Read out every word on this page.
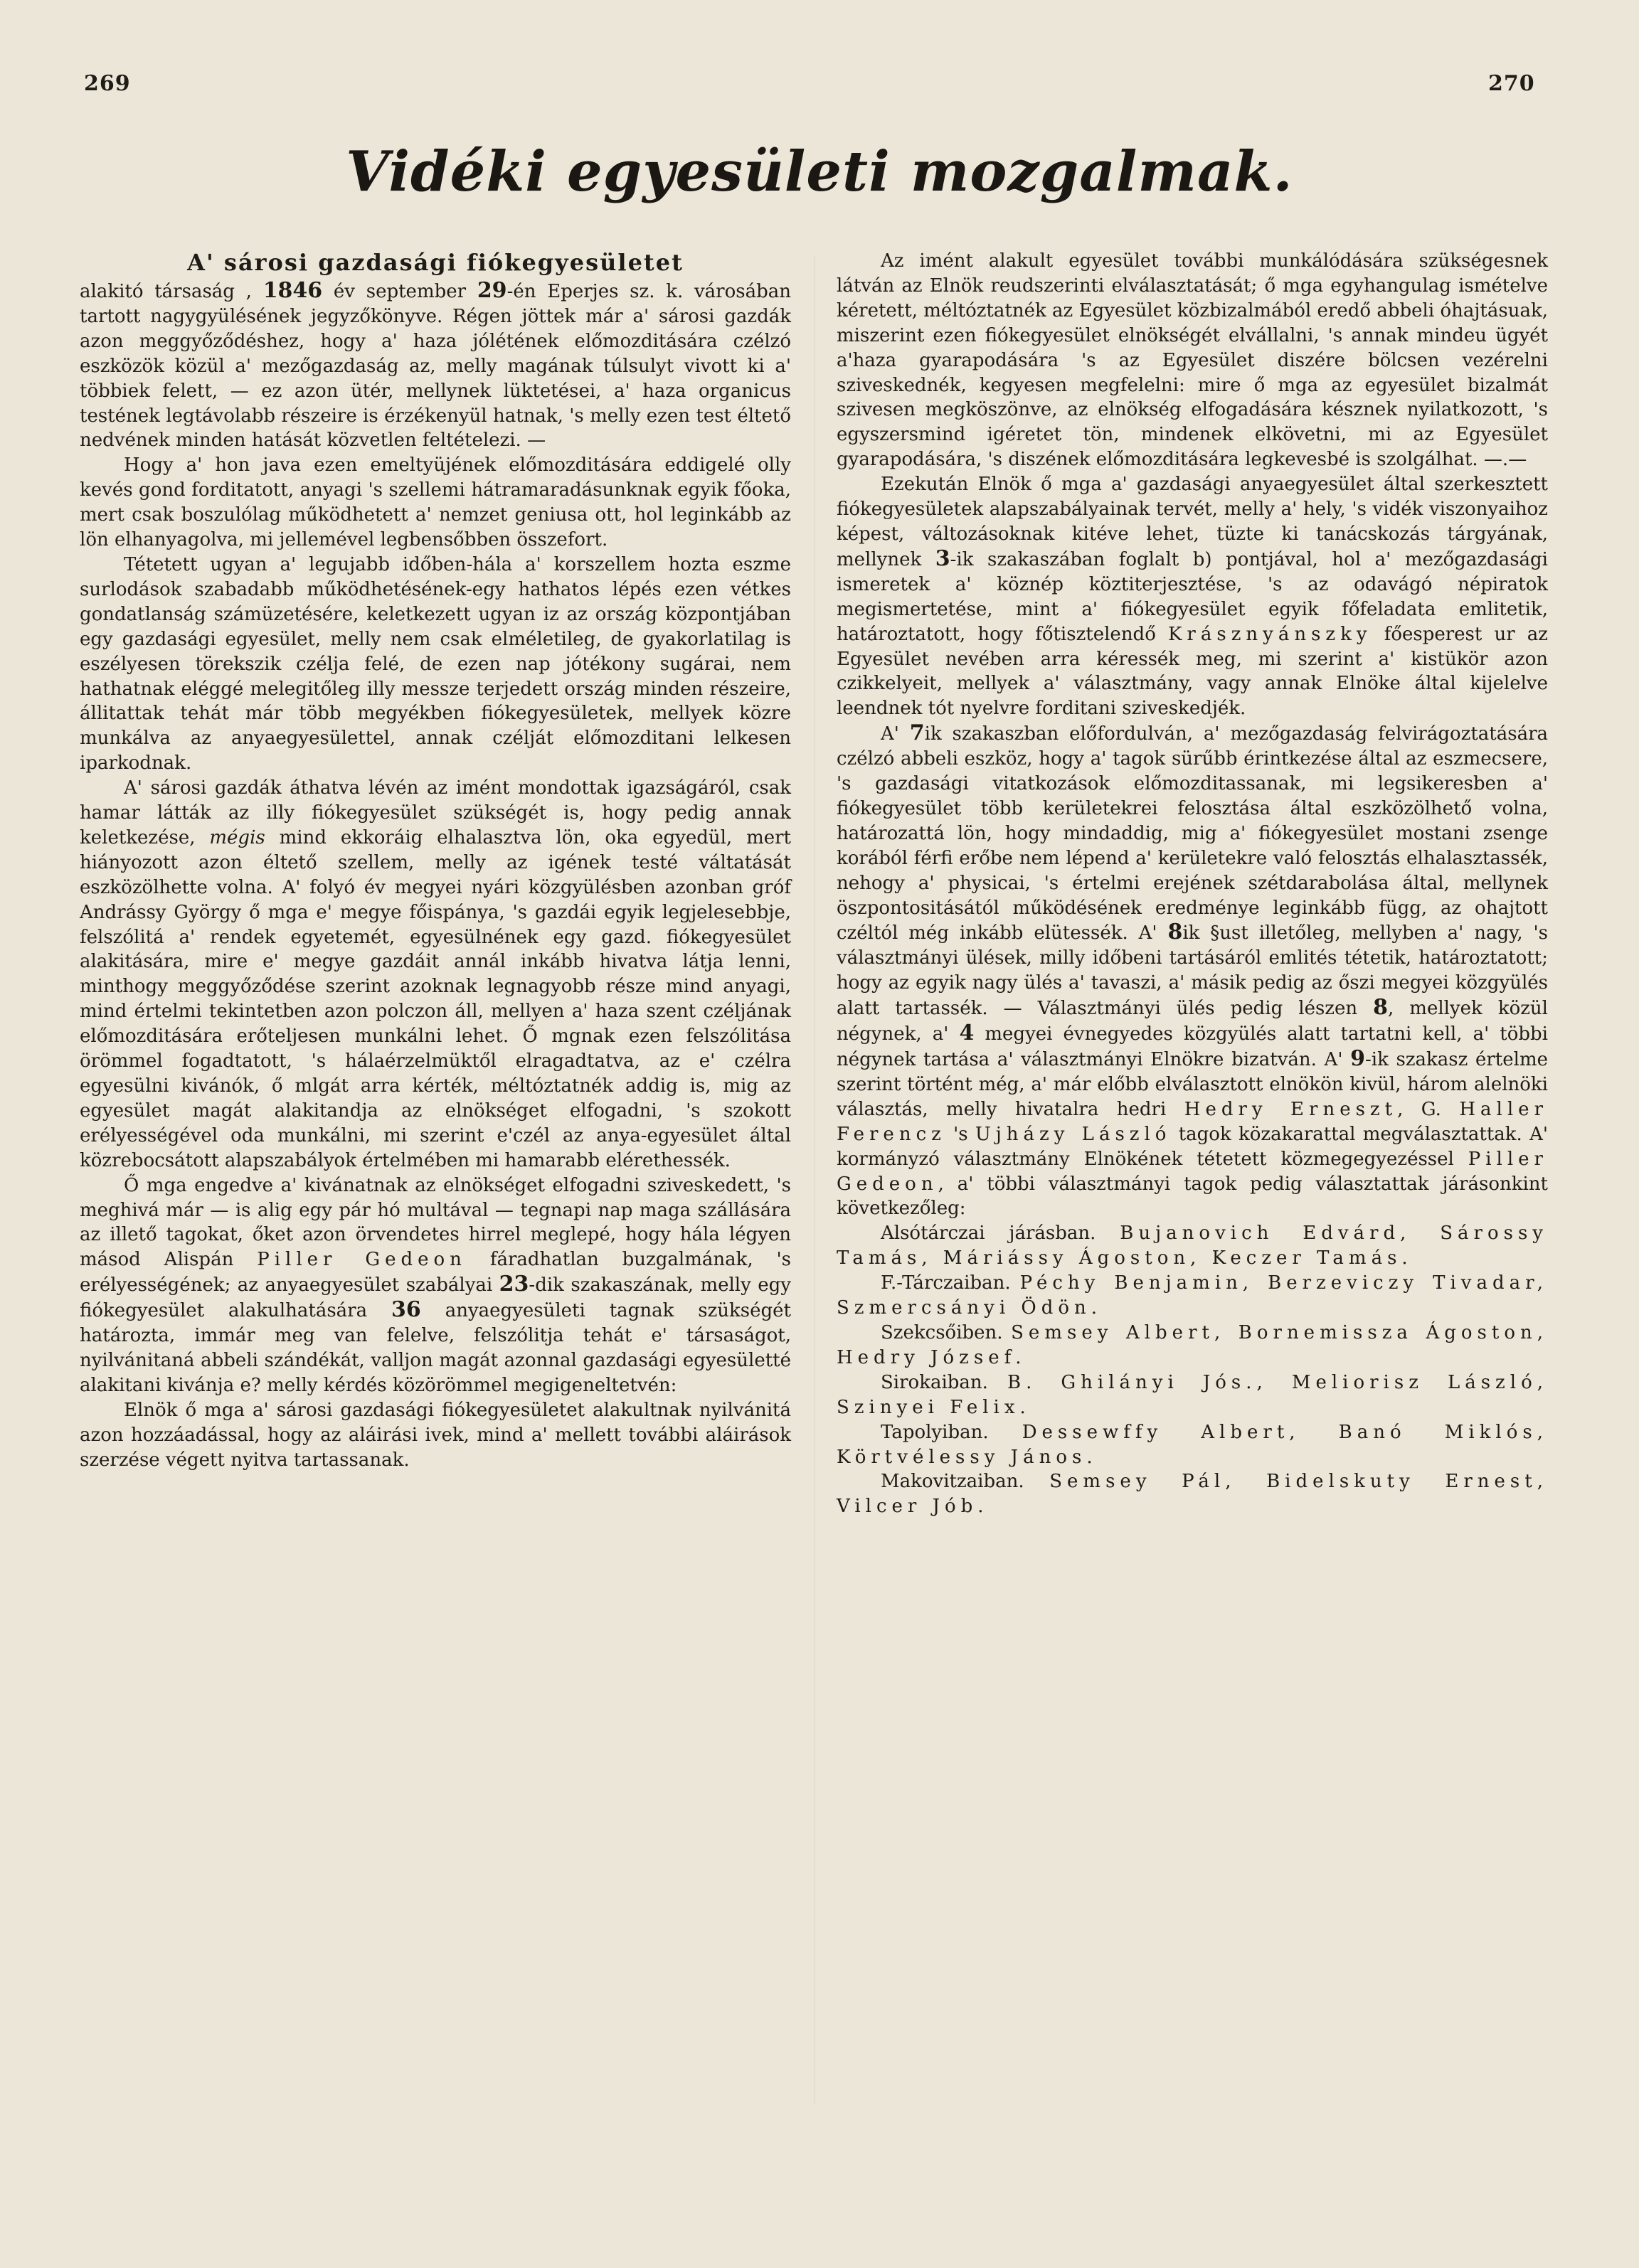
269	270
Vidéki egyesületi mozgalmak.
A' sárosi gazdasági fiókegyesületet

alakitó társaság , 1846 év september 29-én Eperjes sz. k. városában tartott nagygyülésének jegyzőkönyve. Régen jöttek már a' sárosi gazdák azon meggyőződéshez, hogy a' haza jólétének előmozditására czélzó eszközök közül a' mezőgazdaság az, melly magának túlsulyt vivott ki a' többiek felett, — ez azon ütér, mellynek lüktetései, a' haza organicus testének legtávolabb részeire is érzékenyül hatnak, 's melly ezen test éltető nedvének minden hatását közvetlen feltételezi. —

Hogy a' hon java ezen emeltyüjének előmozditására eddigelé olly kevés gond forditatott, anyagi 's szellemi hátramaradásunknak egyik főoka, mert csak boszulólag működhetett a' nemzet geniusa ott, hol leginkább az lön elhanyagolva, mi jellemével legbensőbben összefort.

Tétetett ugyan a' legujabb időben-hála a' korszellem hozta eszme surlodások szabadabb működhetésének-egy hathatos lépés ezen vétkes gondatlanság számüzetésére, keletkezett ugyan iz az ország központjában egy gazdasági egyesület, melly nem csak elméletileg, de gyakorlatilag is eszélyesen törekszik czélja felé, de ezen nap jótékony sugárai, nem hathatnak eléggé melegitőleg illy messze terjedett ország minden részeire, állitattak tehát már több megyékben fiókegyesületek, mellyek közre munkálva az anyaegyesülettel, annak czélját előmozditani lelkesen iparkodnak.

A' sárosi gazdák áthatva lévén az imént mondottak igazságáról, csak hamar látták az illy fiókegyesület szükségét is, hogy pedig annak keletkezése, mégis mind ekkoráig elhalasztva lön, oka egyedül, mert hiányozott azon éltető szellem, melly az igének testé váltatását eszközölhette volna. A' folyó év megyei nyári közgyülésben azonban gróf Andrássy György ő mga e' megye főispánya, 's gazdái egyik legjelesebbje, felszólitá a' rendek egyetemét, egyesülnének egy gazd. fiókegyesület alakitására, mire e' megye gazdáit annál inkább hivatva látja lenni, minthogy meggyőződése szerint azoknak legnagyobb része mind anyagi, mind értelmi tekintetben azon polczon áll, mellyen a' haza szent czéljának előmozditására erőteljesen munkálni lehet. Ő mgnak ezen felszólitása örömmel fogadtatott, 's hálaérzelmüktől elragadtatva, az e' czélra egyesülni kivánók, ő mlgát arra kérték, méltóztatnék addig is, mig az egyesület magát alakitandja az elnökséget elfogadni, 's szokott erélyességével oda munkálni, mi szerint e'czél az anya-egyesület által közrebocsátott alapszabályok értelmében mi hamarabb elérethessék.

Ő mga engedve a' kivánatnak az elnökséget elfogadni sziveskedett, 's meghivá már — is alig egy pár hó multával — tegnapi nap maga szállására az illető tagokat, őket azon örvendetes hirrel meglepé, hogy hála légyen másod Alispán Piller Gedeon fáradhatlan buzgalmának, 's erélyességének; az anyaegyesület szabályai 23-dik szakaszának, melly egy fiókegyesület alakulhatására 36 anyaegyesületi tagnak szükségét határozta, immár meg van felelve, felszólitja tehát e' társaságot, nyilvánitaná abbeli szándékát, valljon magát azonnal gazdasági egyesületté alakitani kivánja e? melly kérdés közörömmel megigeneltetvén:

Elnök ő mga a' sárosi gazdasági fiókegyesületet alakultnak nyilvánitá azon hozzáadással, hogy az aláirási ivek, mind a' mellett további aláirások szerzése végett nyitva tartassanak.

Az imént alakult egyesület további munkálódására szükségesnek látván az Elnök reudszerinti elválasztatását; ő mga egyhangulag ismételve kéretett, méltóztatnék az Egyesület közbizalmából eredő abbeli óhajtásuak, miszerint ezen fiókegyesület elnökségét elvállalni, 's annak mindeu ügyét a'haza gyarapodására 's az Egyesület diszére bölcsen vezérelni sziveskednék, kegyesen megfelelni: mire ő mga az egyesület bizalmát szivesen megköszönve, az elnökség elfogadására késznek nyilatkozott, 's egyszersmind igéretet tön, mindenek elkövetni, mi az Egyesület gyarapodására, 's diszének előmozditására legkevesbé is szolgálhat. —.—

Ezekután Elnök ő mga a' gazdasági anyaegyesület által szerkesztett fiókegyesületek alapszabályainak tervét, melly a' hely, 's vidék viszonyaihoz képest, változásoknak kitéve lehet, tüzte ki tanácskozás tárgyának, mellynek 3-ik szakaszában foglalt b) pontjával, hol a' mezőgazdasági ismeretek a' köznép köztiterjesztése, 's az odavágó népiratok megismertetése, mint a' fiókegyesület egyik főfeladata emlitetik, határoztatott, hogy főtisztelendő Krásznyánszky főesperest ur az Egyesület nevében arra kéressék meg, mi szerint a' kistükör azon czikkelyeit, mellyek a' választmány, vagy annak Elnöke által kijelelve leendnek tót nyelvre forditani sziveskedjék.

A' 7ik szakaszban előfordulván, a' mezőgazdaság felvirágoztatására czélzó abbeli eszköz, hogy a' tagok sürűbb érintkezése által az eszmecsere, 's gazdasági vitatkozások előmozditassanak, mi legsikeresben a' fiókegyesület több kerületekrei felosztása által eszközölhető volna, határozattá lön, hogy mindaddig, mig a' fiókegyesület mostani zsenge korából férfi erőbe nem lépend a' kerületekre való felosztás elhalasztassék, nehogy a' physicai, 's értelmi erejének szétdarabolása által, mellynek öszpontositásától működésének eredménye leginkább függ, az ohajtott czéltól még inkább elütessék. A' 8ik §ust illetőleg, mellyben a' nagy, 's választmányi ülések, milly időbeni tartásáról emlités tétetik, határoztatott; hogy az egyik nagy ülés a' tavaszi, a' másik pedig az őszi megyei közgyülés alatt tartassék. — Választmányi ülés pedig lészen 8, mellyek közül négynek, a' 4 megyei évnegyedes közgyülés alatt tartatni kell, a' többi négynek tartása a' választmányi Elnökre bizatván. A' 9-ik szakasz értelme szerint történt még, a' már előbb elválasztott elnökön kivül, három alelnöki választás, melly hivatalra hedri Hedry Erneszt, G. Haller Ferencz 's Ujházy László tagok közakarattal megválasztattak. A' kormányzó választmány Elnökének tétetett közmegegyezéssel Piller Gedeon, a' többi választmányi tagok pedig választattak járásonkint következőleg:

Alsótárczai járásban. Bujanovich Edvárd, Sárossy Tamás, Máriássy Ágoston, Keczer Tamás.

F.-Tárczaiban. Péchy Benjamin, Berzeviczy Tivadar, Szmercsányi Ödön.

Szekcsőiben. Semsey Albert, Bornemissza Ágoston, Hedry József.

Sirokaiban. B. Ghilányi Jós., Meliorisz László, Szinyei Felix.

Tapolyiban. Dessewffy Albert, Banó Miklós, Körtvélessy János.

Makovitzaiban. Semsey Pál, Bidelskuty Ernest, Vilcer Jób.
